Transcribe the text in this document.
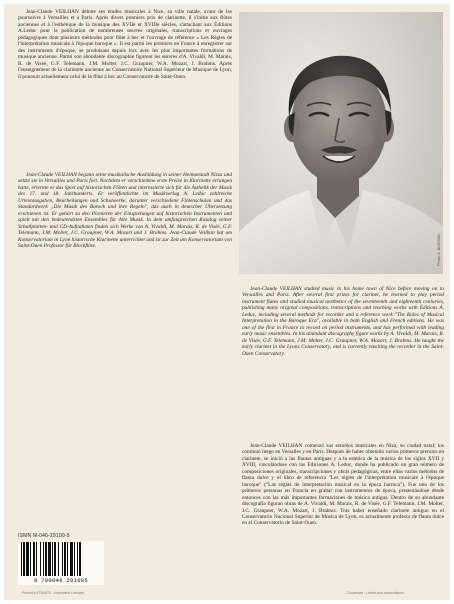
Jean-Claude VEILHAN débute ses études musicales à Nice, sa ville natale, avant de les poursuivre à Versailles et à Paris. Après divers premiers prix de clarinette, il s'initie aux flûtes anciennes et à l'esthétique de la musique des XVIIe et XVIIIe siècles, s'attachant aux Éditions A.Leduc pour la publication de nombreuses œuvres originales, transcriptions et ouvrages pédagogiques dont plusieurs méthodes pour flûte à bec et l'ouvrage de référence « Les Règles de l'interprétation musicale à l'époque baroque ». Il est parmi les premiers en France à enregistrer sur des instruments d'époque, se produisant depuis lors avec les plus importantes formations de musique ancienne. Parmi son abondante discographie figurent les œuvres d'A. Vivaldi, M. Marais, R. de Visée, G.F. Telemann, J.M. Molter, J.C. Graupner, W.A. Mozart, J. Brahms. Après l'enseignement de la clarinette ancienne au Conservatoire National Supérieur de Musique de Lyon, il poursuit actuellement celui de la flûte à bec au Conservatoire de Saint-Ouen.

Jean-Claude VEILHAN begann seine musikalische Ausbildung in seiner Heimatstadt Nizza und setzte sie in Versailles und Paris fort. Nachdem er verschiedene erste Preise in Klarinette errungen hatte, erlernte er das Spiel auf historischen Flöten und interessierte sich für die Ästhetik der Musik des 17. und 18. Jahrhunderts. Er veröffentlichte im Musikverlag A. Leduc zahlreiche Urtextausgaben, Bearbeitungen und Schulwerke, darunter verschiedene Flötenschulen und das Standardwerk „Die Musik des Barock und ihre Regeln", das auch in deutscher Übersetzung erschienen ist. Er gehört zu den Pionieren der Einspielungen auf historischen Instrumenten und spielt mit den bedeutendsten Ensembles für Alte Musik. In dem umfangreichen Katalog seiner Schallplatten- und CD-Aufnahmen finden sich Werke von A. Vivaldi, M. Marais, R. de Visée, G.F. Telemann, J.M. Molter, J.C. Graupner, W.A. Mozart und J. Brahms. Jean-Claude Veilhan hat am Konservatorium in Lyon historische Klarinette unterrichtet und ist zur Zeit am Konservatorium von Saint-Ouen Professor für Blockflöte.	Photo: A. BUISSON

Jean-Claude VEILHAN studied music in his home town of Nice before moving on to Versailles and Paris. After several first prizes for clarinet, he learned to play period instrument flutes and studied musical aesthetics of the seventeenth and eighteenth centuries, publishing many original compositions, transcriptions and teaching works with Éditions A. Leduc, including several methods for recorder and a reference work "The Rules of Musical Interpretation in the Baroque Era", available in both English and French editions. He was one of the first in France to record on period instruments, and has performed with leading early music ensembles. In his abundant discography figure works by A. Vivaldi, M. Marais, R. de Visée, G.F. Telemann, J.M. Molter, J.C. Graupner, W.A. Mozart, J. Brahms. He taught the early clarinet in the Lyons Conservatory, and is currently teaching the recorder in the Saint-Ouen Conservatory.

Jean-Claude VEILHAN comenzó sus estudios musicales en Niza, su ciudad natal; los continuó luego en Versalles y en París. Después de haber obtenido varios primeros premios en clarinete, se inició a las flautas antiguas y a la estética de la música de los siglos XVII y XVIII, vinculándose con las Ediciones A. Leduc, donde ha publicado un gran número de composiciones originales, transcripciones y obras pedagógicas, entre ellas varios métodos de flauta dulce y el libro de referencia "Les règles de l'interprétation musicale à l'époque baroque" ("Las reglas de interpretación musical en la época barroca"). Fue uno de los primeros personas en Francia en grabar con instrumentos de época, presentándose desde entonces con las más importantes formaciones de música antigua. Dentro de su abundante discografía figuran obras de A. Vivaldi, M. Marais, R. de Visée, G.F. Telemann, J.M. Molter, J.C. Graupner, W.A. Mozart, J. Brahms. Tras haber enseñado clarinete antiguo en el Conservatorio Nacional Superior de Música de Lyon, es actualmente profesor de flauta dulce en el Conservatorio de Saint-Ouen.

ISMN M-046-29100-5
9 790046 291005
Printed in FRANCE - Imprimerie Lemoine	Couverture : Lettres aux compositeurs
